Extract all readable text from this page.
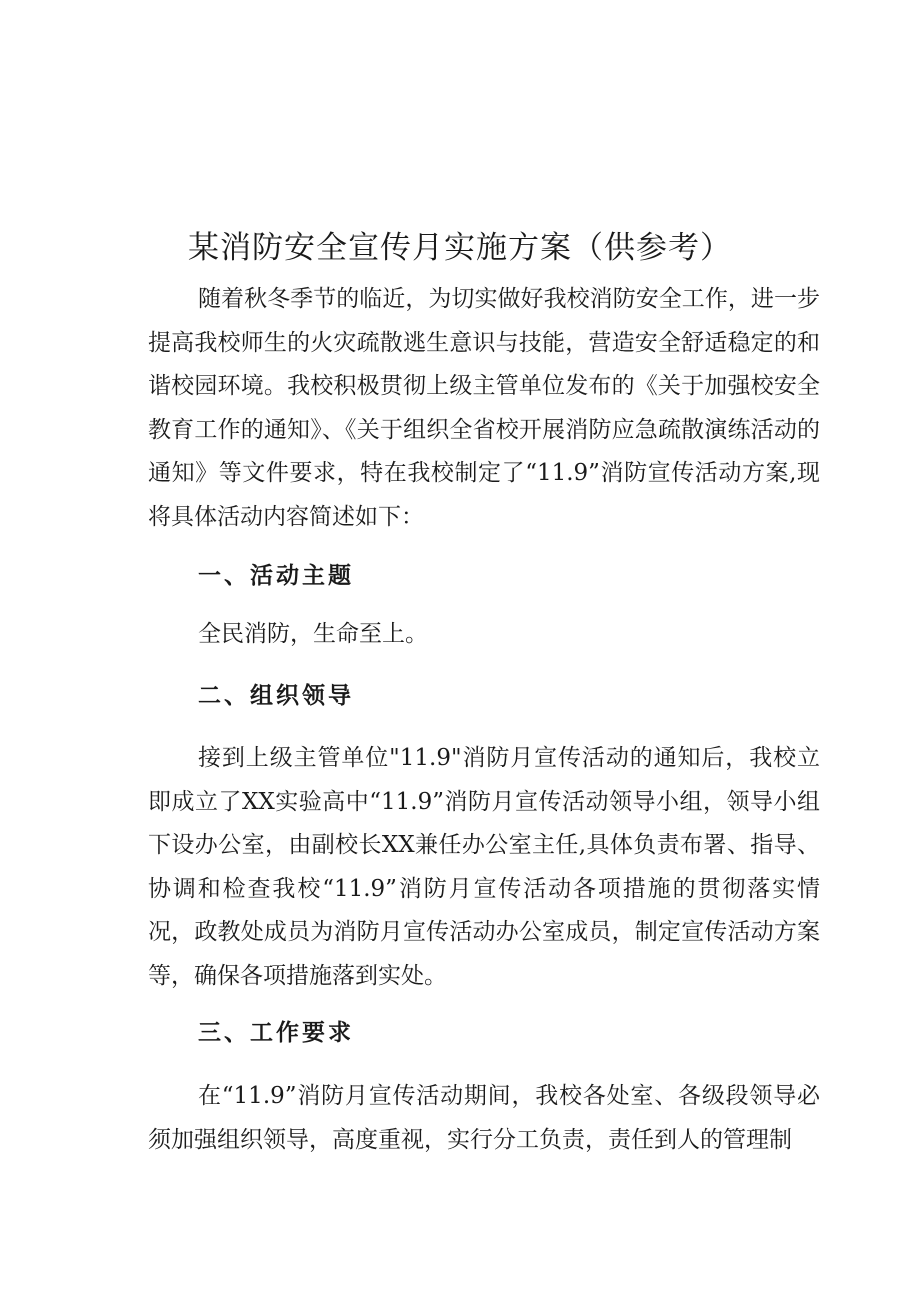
某消防安全宣传月实施方案（供参考）

随着秋冬季节的临近，为切实做好我校消防安全工作，进一步提高我校师生的火灾疏散逃生意识与技能，营造安全舒适稳定的和谐校园环境。我校积极贯彻上级主管单位发布的《关于加强校安全教育工作的通知》、《关于组织全省校开展消防应急疏散演练活动的通知》等文件要求，特在我校制定了“11.9”消防宣传活动方案,现将具体活动内容简述如下：

一、活动主题

全民消防，生命至上。

二、组织领导

接到上级主管单位"11.9"消防月宣传活动的通知后，我校立即成立了XX实验高中“11.9”消防月宣传活动领导小组，领导小组下设办公室，由副校长XX兼任办公室主任,具体负责布署、指导、协调和检查我校“11.9”消防月宣传活动各项措施的贯彻落实情况，政教处成员为消防月宣传活动办公室成员，制定宣传活动方案等，确保各项措施落到实处。

三、工作要求

在“11.9”消防月宣传活动期间，我校各处室、各级段领导必须加强组织领导，高度重视，实行分工负责，责任到人的管理制
